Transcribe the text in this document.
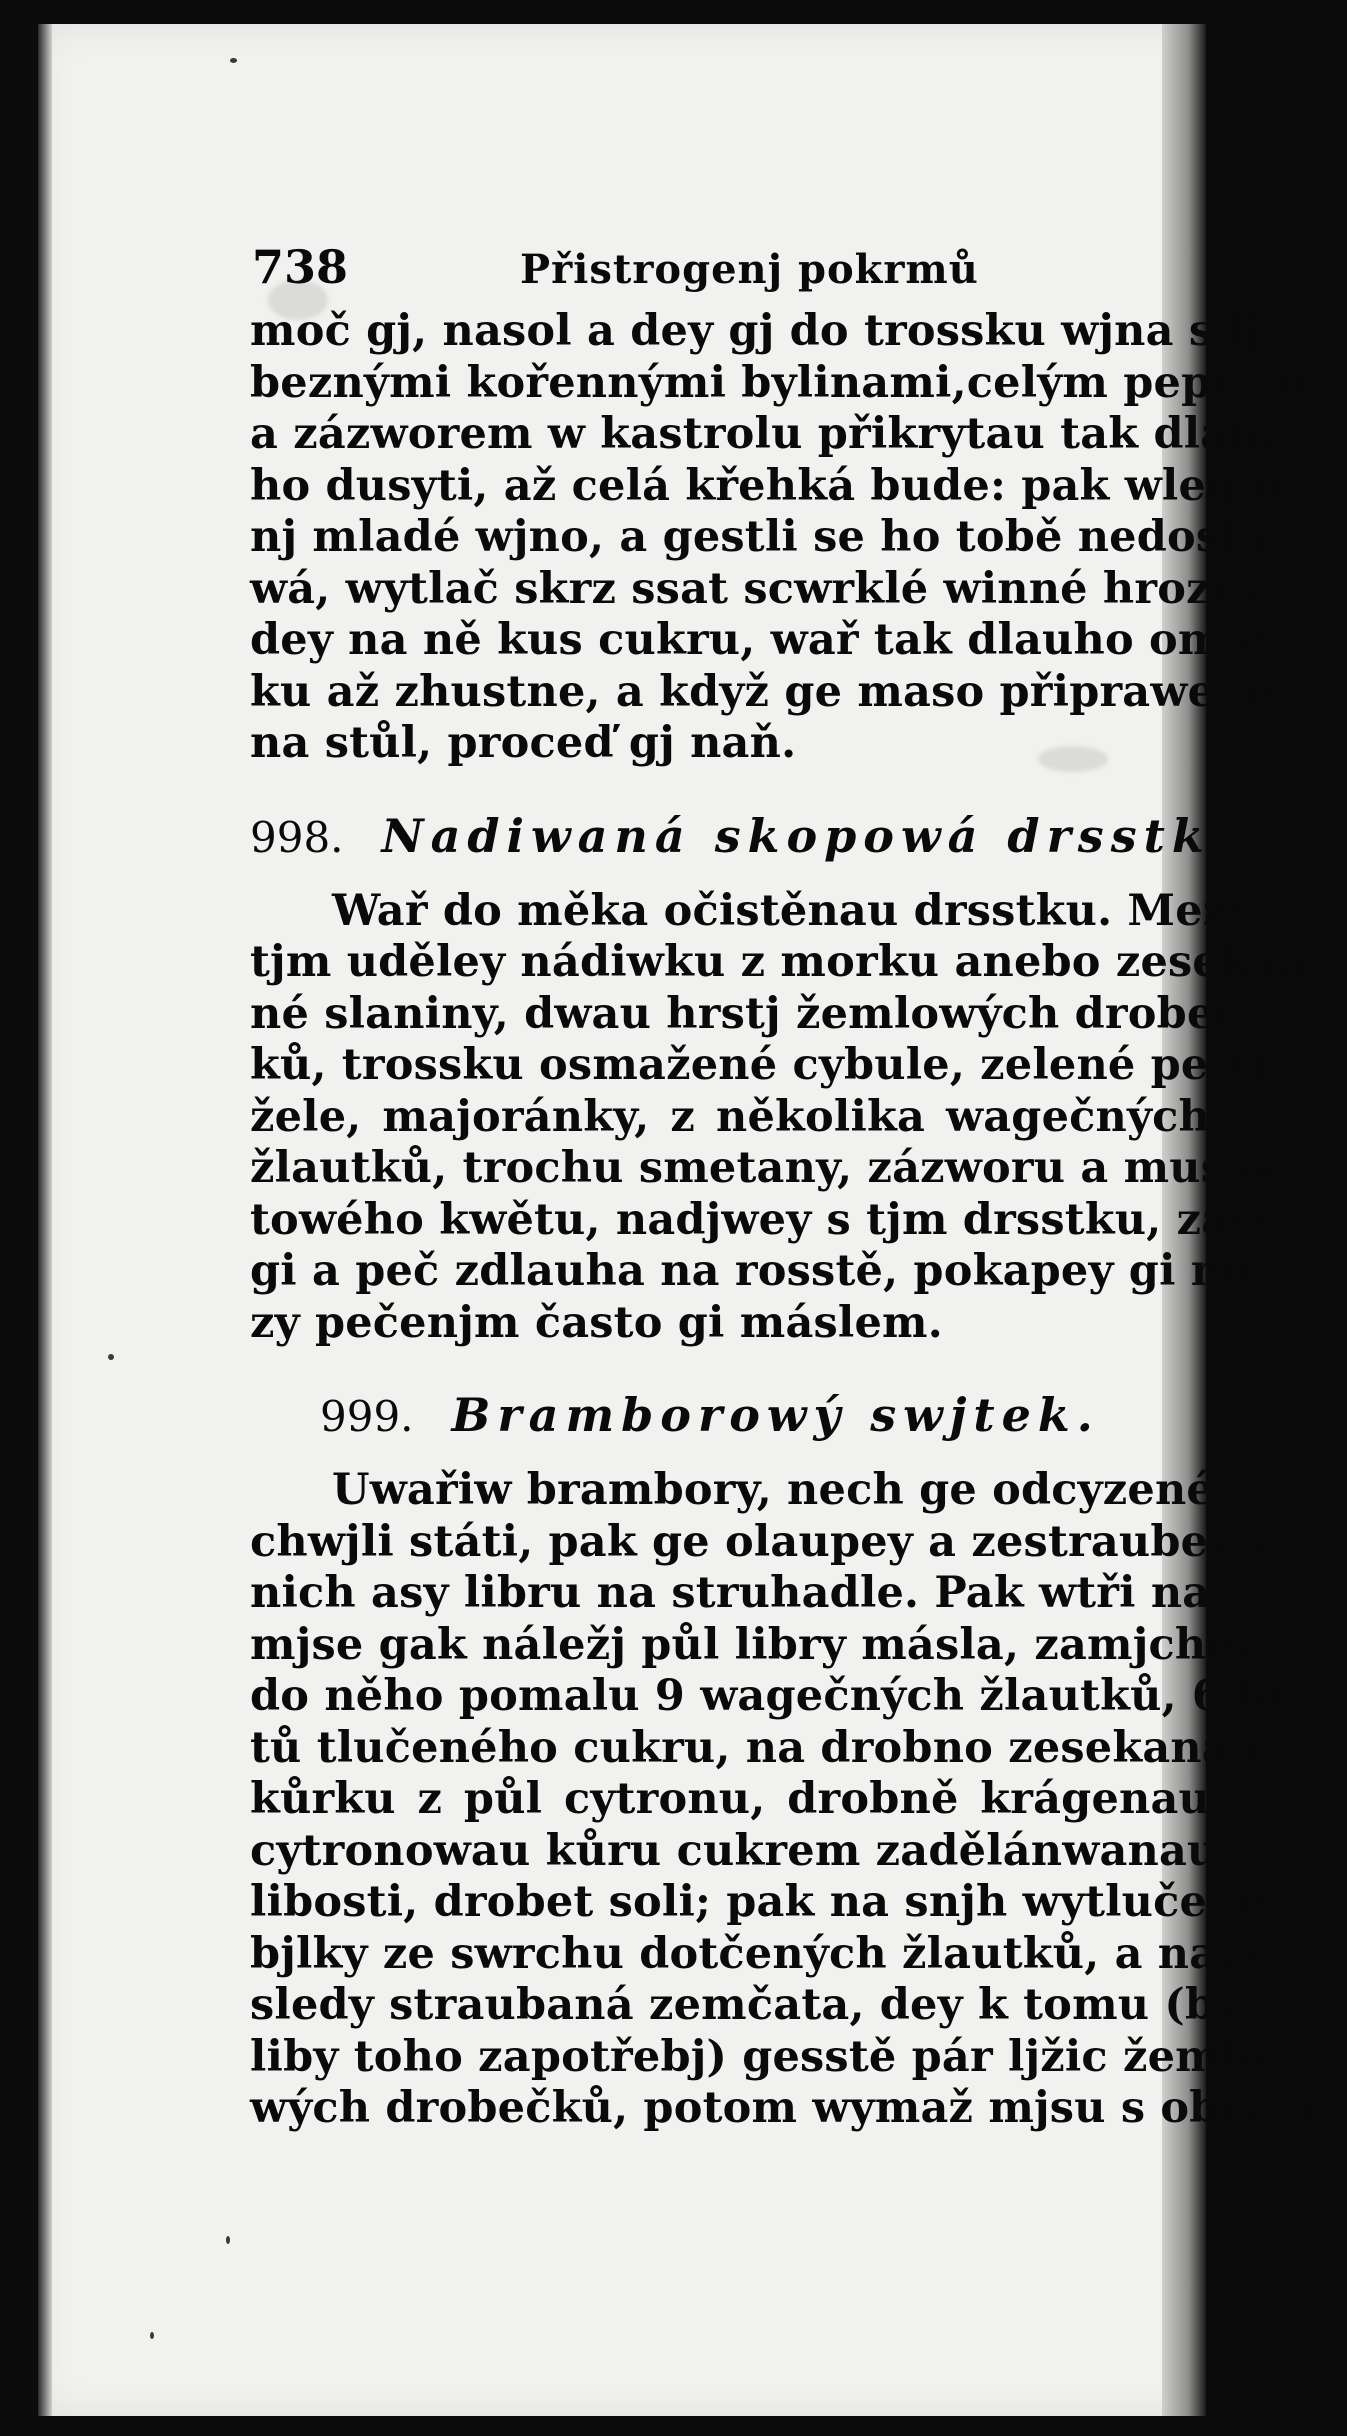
738	Přistrogenj pokrmů
moč gj, nasol a dey gj do trossku wjna s lj=
beznými kořennými bylinami,celým pepřem
a zázworem w kastrolu přikrytau tak dlau.
ho dusyti, až celá křehká bude: pak wleg na
nj mladé wjno, a gestli se ho tobě nedostá=
wá, wytlač skrz ssat scwrklé winné hrozny,
dey na ně kus cukru, wař tak dlauho omáč=
ku až zhustne, a když ge maso připrawené
na stůl, proceď gj naň.
998. Nadiwaná skopowá drsstka.
Wař do měka očistěnau drsstku. Mezy
tjm uděley nádiwku z morku anebo zesekan
né slaniny, dwau hrstj žemlowých drobeč=
ků, trossku osmažené cybule, zelené petru=
žele, majoránky, z několika wagečných
žlautků, trochu smetany, zázworu a mussků=
towého kwětu, nadjwey s tjm drsstku, zassi
gi a peč zdlauha na rosstě, pokapey gi me=
zy pečenjm často gi máslem.
999. Bramborowý swjtek.
Uwařiw brambory, nech ge odcyzené
chwjli státi, pak ge olaupey a zestraubey z
nich asy libru na struhadle. Pak wtři na
mjse gak náležj půl libry másla, zamjchey
do něho pomalu 9 wagečných žlautků, 6 lo=
tů tlučeného cukru, na drobno zesekanau
kůrku z půl cytronu, drobně krágenau
cytronowau kůru cukrem zadělánwanau dle
libosti, drobet soli; pak na snjh wytlučené
bjlky ze swrchu dotčených žlautků, a napo=
sledy straubaná zemčata, dey k tomu (bylo=
liby toho zapotřebj) gesstě pár ljžic žemlo=
wých drobečků, potom wymaž mjsu s obručí
